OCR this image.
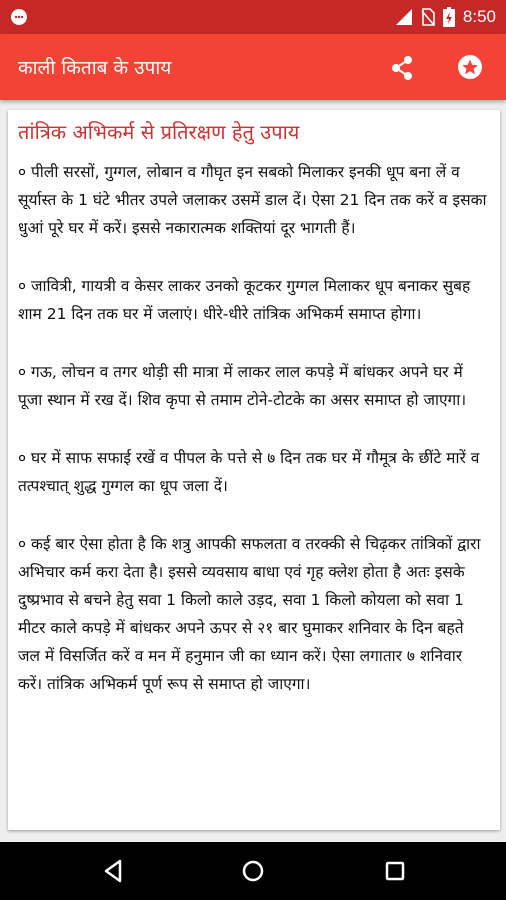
8:50
काली किताब के उपाय
तांत्रिक अभिकर्म से प्रतिरक्षण हेतु उपाय

० पीली सरसों, गुग्गल, लोबान व गौघृत इन सबको मिलाकर इनकी धूप बना लें व सूर्यास्त के 1 घंटे भीतर उपले जलाकर उसमें डाल दें। ऐसा 21 दिन तक करें व इसका धुआं पूरे घर में करें। इससे नकारात्मक शक्तियां दूर भागती हैं।

० जावित्री, गायत्री व केसर लाकर उनको कूटकर गुग्गल मिलाकर धूप बनाकर सुबह शाम 21 दिन तक घर में जलाएं। धीरे-धीरे तांत्रिक अभिकर्म समाप्त होगा।

० गऊ, लोचन व तगर थोड़ी सी मात्रा में लाकर लाल कपड़े में बांधकर अपने घर में पूजा स्थान में रख दें। शिव कृपा से तमाम टोने-टोटके का असर समाप्त हो जाएगा।

० घर में साफ सफाई रखें व पीपल के पत्ते से ७ दिन तक घर में गौमूत्र के छींटे मारें व तत्पश्चात् शुद्ध गुग्गल का धूप जला दें।

० कई बार ऐसा होता है कि शत्रु आपकी सफलता व तरक्की से चिढ़कर तांत्रिकों द्वारा अभिचार कर्म करा देता है। इससे व्यवसाय बाधा एवं गृह क्लेश होता है अतः इसके दुष्प्रभाव से बचने हेतु सवा 1 किलो काले उड़द, सवा 1 किलो कोयला को सवा 1 मीटर काले कपड़े में बांधकर अपने ऊपर से २१ बार घुमाकर शनिवार के दिन बहते जल में विसर्जित करें व मन में हनुमान जी का ध्यान करें। ऐसा लगातार ७ शनिवार करें। तांत्रिक अभिकर्म पूर्ण रूप से समाप्त हो जाएगा।
